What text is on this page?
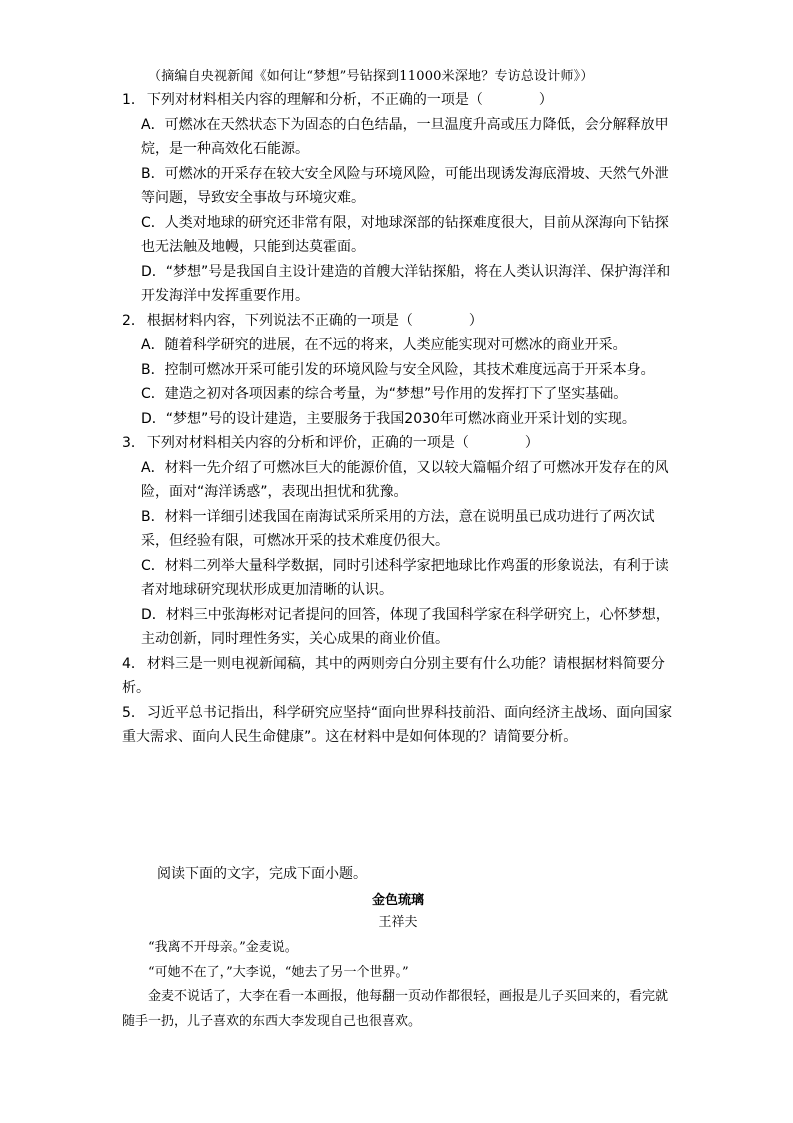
（摘编自央视新闻《如何让“梦想”号钻探到11000米深地？专访总设计师》）

1． 下列对材料相关内容的理解和分析，不正确的一项是（　　　　）

A．可燃冰在天然状态下为固态的白色结晶，一旦温度升高或压力降低，会分解释放甲烷，是一种高效化石能源。

B．可燃冰的开采存在较大安全风险与环境风险，可能出现诱发海底滑坡、天然气外泄等问题，导致安全事故与环境灾难。

C．人类对地球的研究还非常有限，对地球深部的钻探难度很大，目前从深海向下钻探也无法触及地幔，只能到达莫霍面。

D．“梦想”号是我国自主设计建造的首艘大洋钻探船，将在人类认识海洋、保护海洋和开发海洋中发挥重要作用。

2． 根据材料内容，下列说法不正确的一项是（　　　　）

A．随着科学研究的进展，在不远的将来，人类应能实现对可燃冰的商业开采。

B．控制可燃冰开采可能引发的环境风险与安全风险，其技术难度远高于开采本身。

C．建造之初对各项因素的综合考量，为“梦想”号作用的发挥打下了坚实基础。

D．“梦想”号的设计建造，主要服务于我国2030年可燃冰商业开采计划的实现。

3． 下列对材料相关内容的分析和评价，正确的一项是（　　　　）

A．材料一先介绍了可燃冰巨大的能源价值，又以较大篇幅介绍了可燃冰开发存在的风险，面对“海洋诱惑”，表现出担忧和犹豫。

B．材料一详细引述我国在南海试采所采用的方法，意在说明虽已成功进行了两次试采，但经验有限，可燃冰开采的技术难度仍很大。

C．材料二列举大量科学数据，同时引述科学家把地球比作鸡蛋的形象说法，有利于读者对地球研究现状形成更加清晰的认识。

D．材料三中张海彬对记者提问的回答，体现了我国科学家在科学研究上，心怀梦想，主动创新，同时理性务实，关心成果的商业价值。

4． 材料三是一则电视新闻稿，其中的两则旁白分别主要有什么功能？请根据材料简要分析。

5． 习近平总书记指出，科学研究应坚持“面向世界科技前沿、面向经济主战场、面向国家重大需求、面向人民生命健康”。这在材料中是如何体现的？请简要分析。

阅读下面的文字，完成下面小题。

金色琉璃

王祥夫

“我离不开母亲。”金麦说。

“可她不在了，”大李说，“她去了另一个世界。”

金麦不说话了，大李在看一本画报，他每翻一页动作都很轻，画报是儿子买回来的，看完就随手一扔，儿子喜欢的东西大李发现自己也很喜欢。
